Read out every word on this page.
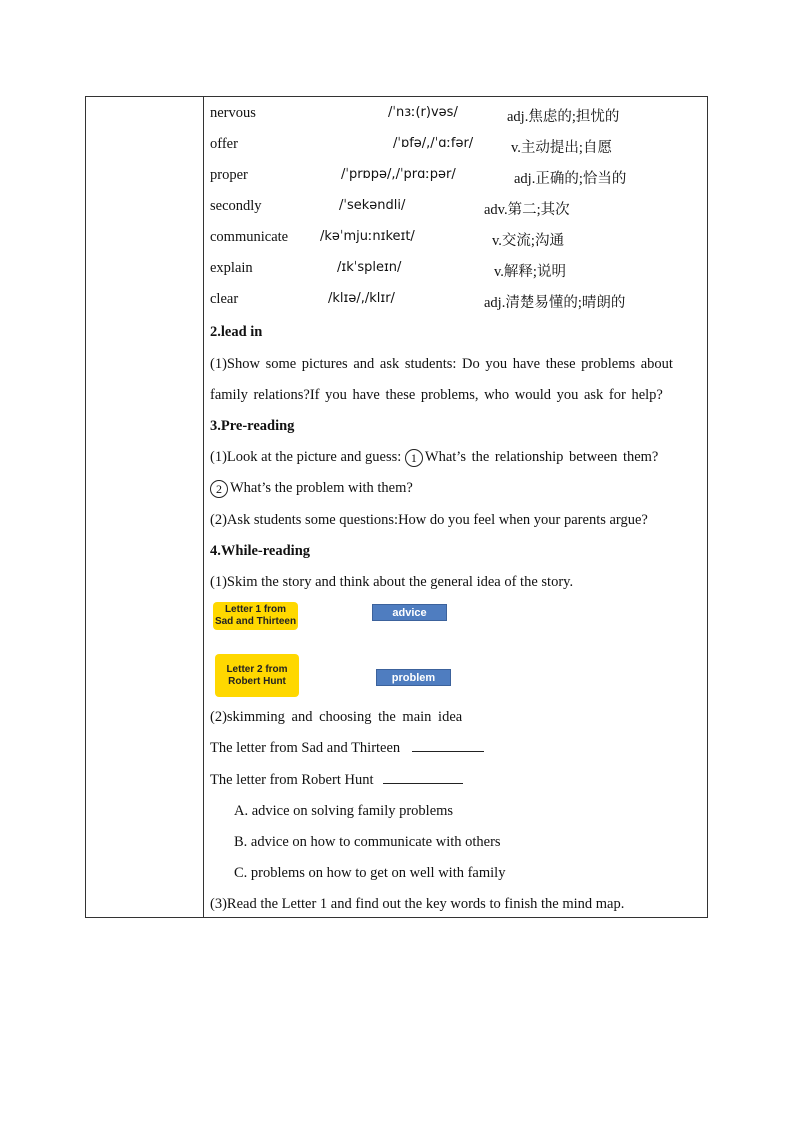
nervous	/ˈnɜː(r)vəs/	adj.焦虑的;担忧的
offer	/ˈɒfə/,/ˈɑːfər/	v.主动提出;自愿
proper	/ˈprɒpə/,/ˈprɑːpər/	adj.正确的;恰当的
secondly	/ˈsekəndli/	adv.第二;其次
communicate /kəˈmjuːnɪkeɪt/	v.交流;沟通
explain	/ɪkˈspleɪn/	v.解释;说明
clear	/klɪə/,/klɪr/	adj.清楚易懂的;晴朗的
2.lead in
(1)Show some pictures and ask students: Do you have these problems about
family relations?If you have these problems, who would you ask for help?
3.Pre-reading
(1)Look at the picture and guess: 1 What’s the relationship between them?
2 What’s the problem with them?
(2)Ask students some questions:How do you feel when your parents argue?
4.While-reading
(1)Skim the story and think about the general idea of the story.
Letter 1 from
Sad and Thirteen
advice
Letter 2 from
Robert Hunt	problem
(2)skimming and choosing the main idea
The letter from Sad and Thirteen
The letter from Robert Hunt
A. advice on solving family problems
B. advice on how to communicate with others
C. problems on how to get on well with family
(3)Read the Letter 1 and find out the key words to finish the mind map.
